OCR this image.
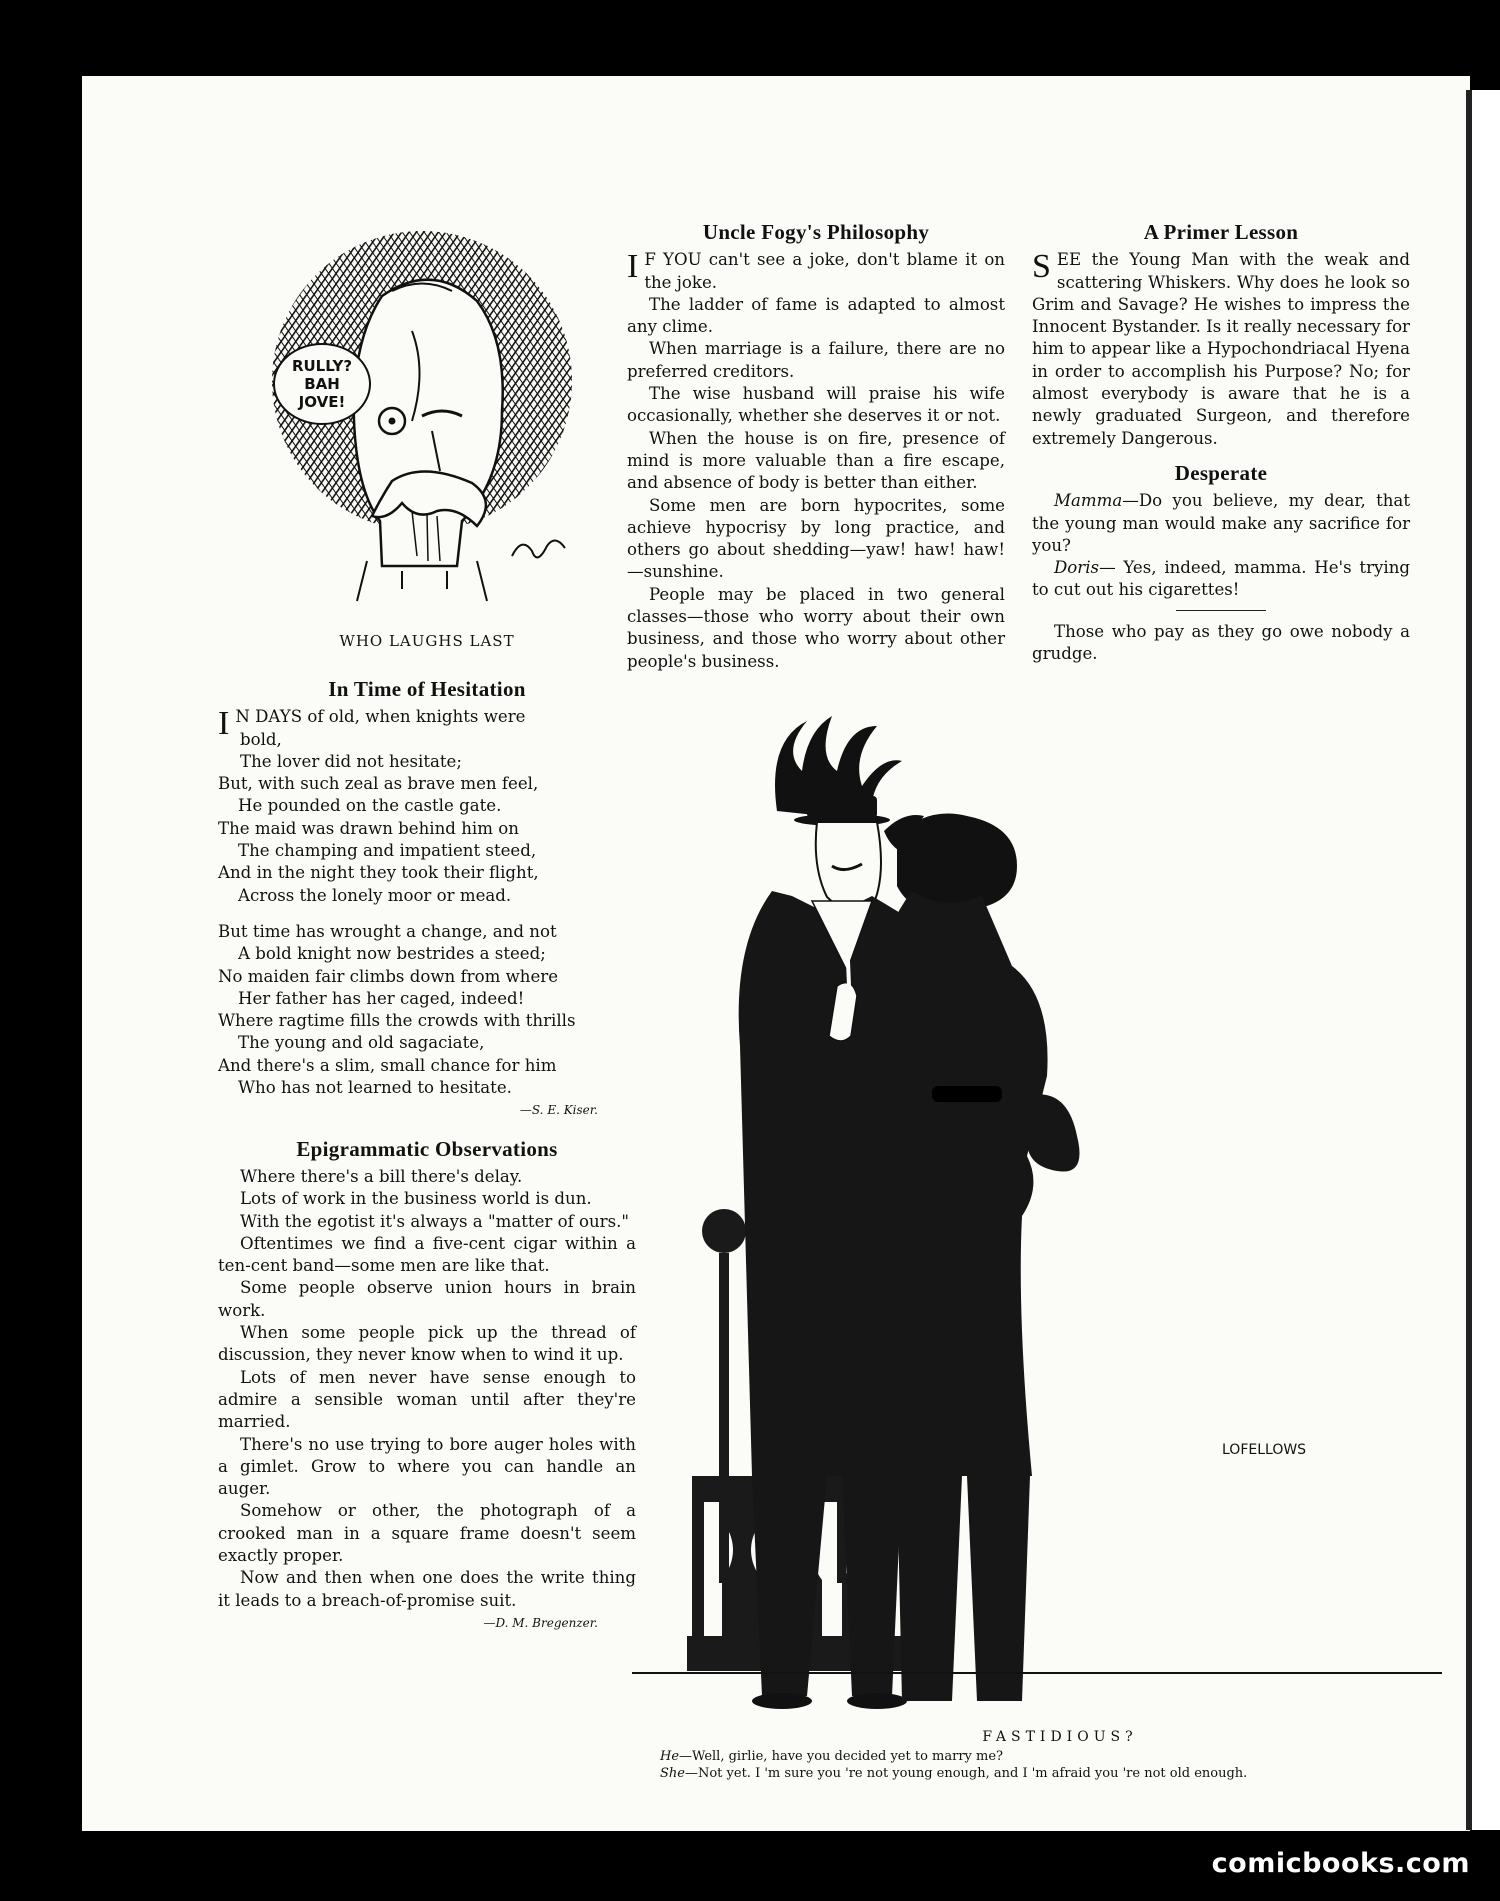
RULLY?
BAH
JOVE!
WHO LAUGHS LAST
In Time of Hesitation
I N DAYS of old, when knights were
bold,
The lover did not hesitate;
But, with such zeal as brave men feel,
He pounded on the castle gate.
The maid was drawn behind him on
The champing and impatient steed,
And in the night they took their flight,
Across the lonely moor or mead.
But time has wrought a change, and not
A bold knight now bestrides a steed;
No maiden fair climbs down from where
Her father has her caged, indeed!
Where ragtime fills the crowds with thrills
The young and old sagaciate,
And there's a slim, small chance for him
Who has not learned to hesitate.
—S. E. Kiser.
Epigrammatic Observations

Where there's a bill there's delay.

Lots of work in the business world is dun.

With the egotist it's always a "matter of ours."

Oftentimes we find a five-cent cigar within a ten-cent band—some men are like that.

Some people observe union hours in brain work.

When some people pick up the thread of discussion, they never know when to wind it up.

Lots of men never have sense enough to admire a sensible woman until after they're married.

There's no use trying to bore auger holes with a gimlet. Grow to where you can handle an auger.

Somehow or other, the photograph of a crooked man in a square frame doesn't seem exactly proper.

Now and then when one does the write thing it leads to a breach-of-promise suit.

—D. M. Bregenzer.
Uncle Fogy's Philosophy

I F YOU can't see a joke, don't blame it on the joke.

The ladder of fame is adapted to almost any clime.

When marriage is a failure, there are no preferred creditors.

The wise husband will praise his wife occasionally, whether she deserves it or not.

When the house is on fire, presence of mind is more valuable than a fire escape, and absence of body is better than either.

Some men are born hypocrites, some achieve hypocrisy by long practice, and others go about shedding—yaw! haw! haw!—sunshine.

People may be placed in two general classes—those who worry about their own business, and those who worry about other people's business.

A Primer Lesson

SEE the Young Man with the weak and scattering Whiskers. Why does he look so Grim and Savage? He wishes to impress the Innocent Bystander. Is it really necessary for him to appear like a Hypochondriacal Hyena in order to accomplish his Purpose? No; for almost everybody is aware that he is a newly graduated Surgeon, and therefore extremely Dangerous.

Desperate

Mamma—Do you believe, my dear, that the young man would make any sacrifice for you?

Doris— Yes, indeed, mamma. He's trying to cut out his cigarettes!

Those who pay as they go owe nobody a grudge.

LOFELLOWS
FASTIDIOUS?
He—Well, girlie, have you decided yet to marry me?
She—Not yet. I 'm sure you 're not young enough, and I 'm afraid you 're not old enough.
comicbooks.com
